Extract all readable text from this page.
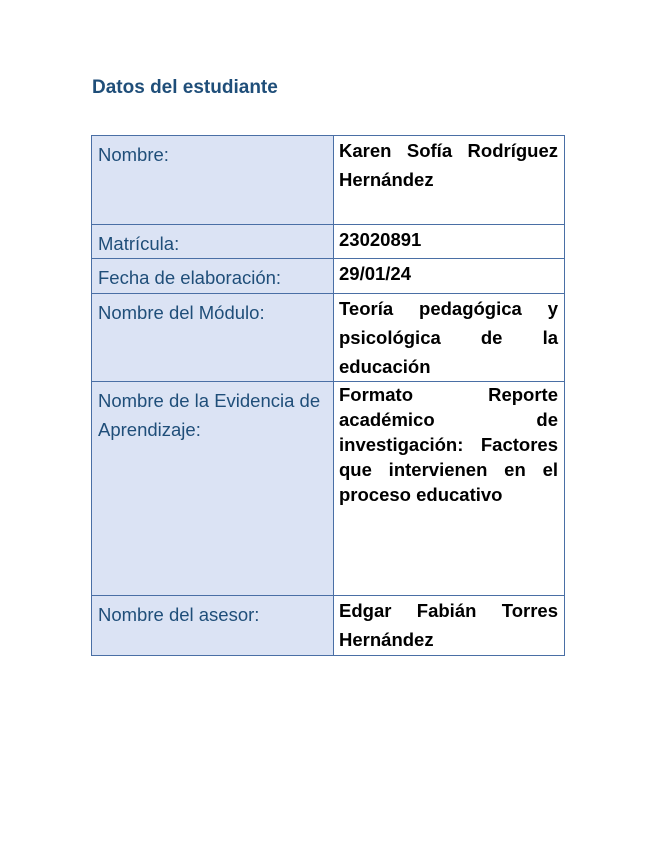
Datos del estudiante
Nombre:	Karen Sofía Rodríguez Hernández
Matrícula:	23020891
Fecha de elaboración:	29/01/24
Nombre del Módulo:	Teoría pedagógica y psicológica de la educación
Nombre de la Evidencia de Aprendizaje:	Formato Reporte académico de investigación: Factores que intervienen en el proceso educativo
Nombre del asesor:	Edgar Fabián Torres Hernández
